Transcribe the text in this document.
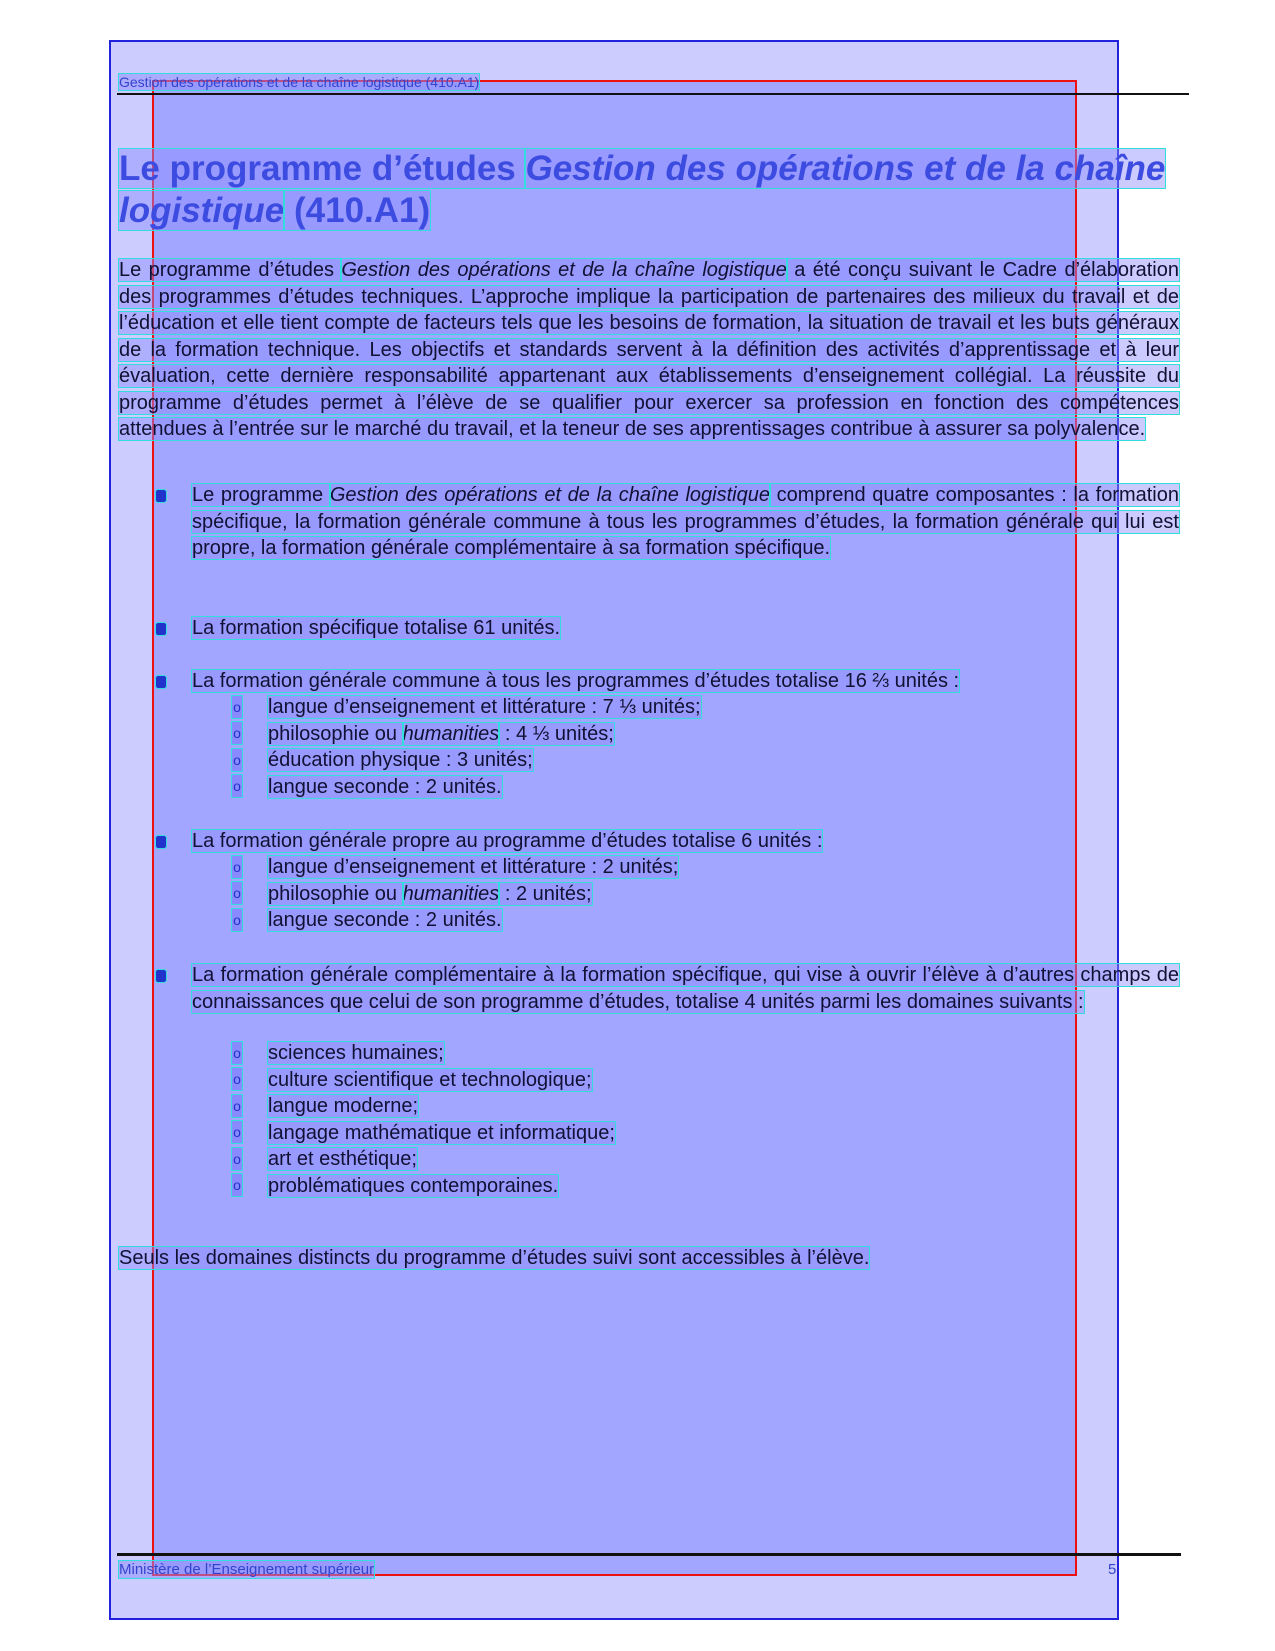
Gestion des opérations et de la chaîne logistique (410.A1)
Le programme d’études Gestion des opérations et de la chaîne logistique (410.A1)

Le programme d’études Gestion des opérations et de la chaîne logistique a été conçu suivant le Cadre d’élaboration des programmes d’études techniques. L’approche implique la participation de partenaires des milieux du travail et de l’éducation et elle tient compte de facteurs tels que les besoins de formation, la situation de travail et les buts généraux de la formation technique. Les objectifs et standards servent à la définition des activités d’apprentissage et à leur évaluation, cette dernière responsabilité appartenant aux établissements d’enseignement collégial. La réussite du programme d’études permet à l’élève de se qualifier pour exercer sa profession en fonction des compétences attendues à l’entrée sur le marché du travail, et la teneur de ses apprentissages contribue à assurer sa polyvalence.

Le programme Gestion des opérations et de la chaîne logistique comprend quatre composantes : la formation spécifique, la formation générale commune à tous les programmes d’études, la formation générale qui lui est propre, la formation générale complémentaire à sa formation spécifique.
La formation spécifique totalise 61 unités.
La formation générale commune à tous les programmes d’études totalise 16 ⅔ unités :
o
o
o
o
langue d’enseignement et littérature : 7 ⅓ unités;
philosophie ou humanities : 4 ⅓ unités;
éducation physique : 3 unités;
langue seconde : 2 unités.
La formation générale propre au programme d’études totalise 6 unités :
o
o
o
langue d’enseignement et littérature : 2 unités;
philosophie ou humanities : 2 unités;
langue seconde : 2 unités.
La formation générale complémentaire à la formation spécifique, qui vise à ouvrir l’élève à d’autres champs de connaissances que celui de son programme d’études, totalise 4 unités parmi les domaines suivants :
o
o
o
o
o
o
sciences humaines;
culture scientifique et technologique;
langue moderne;
langage mathématique et informatique;
art et esthétique;
problématiques contemporaines.

Seuls les domaines distincts du programme d’études suivi sont accessibles à l’élève.

Ministère de l’Enseignement supérieur	5
